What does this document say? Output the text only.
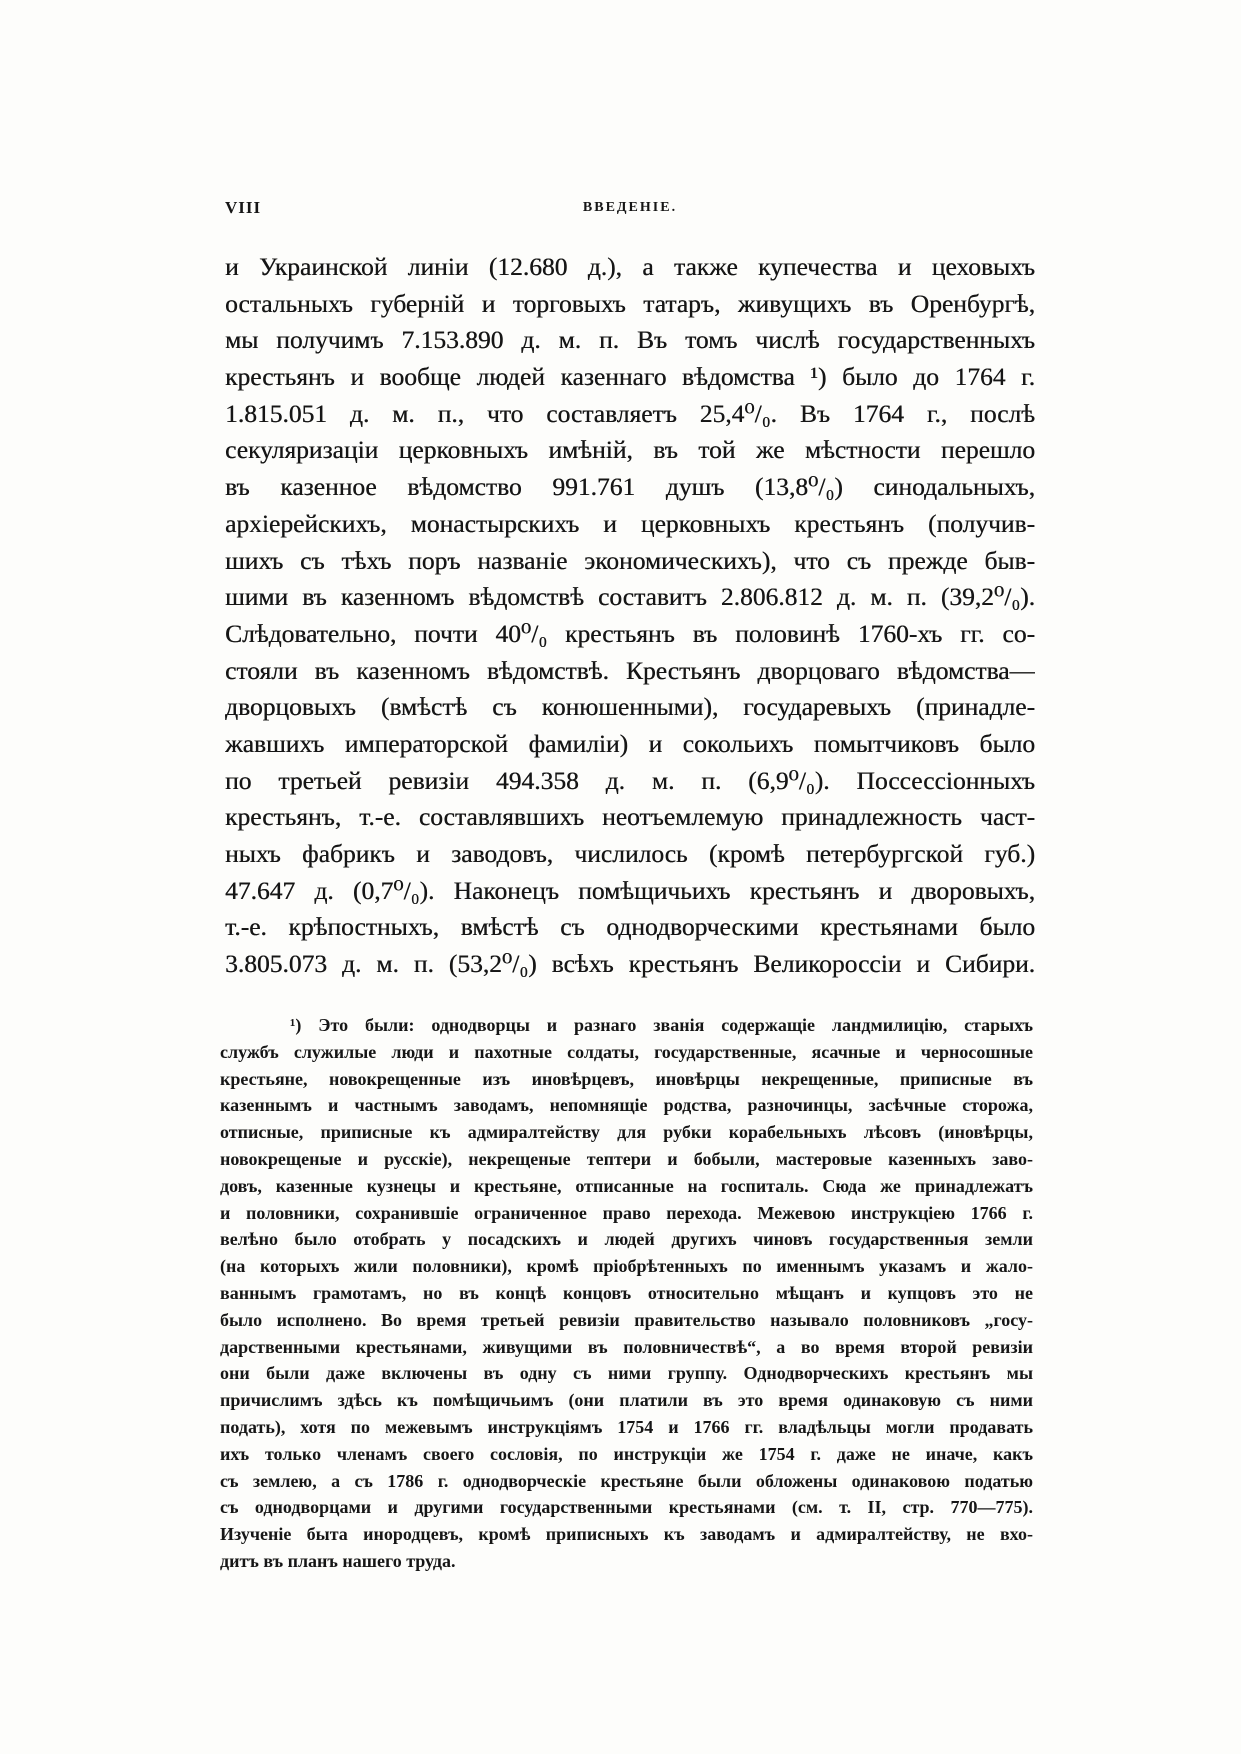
VIII	ВВЕДЕНІЕ.
и Украинской линіи (12.680 д.), а также купечества и цеховыхъ
остальныхъ губерній и торговыхъ татаръ, живущихъ въ Оренбургѣ,
мы получимъ 7.153.890 д. м. п. Въ томъ числѣ государственныхъ
крестьянъ и вообще людей казеннаго вѣдомства ¹) было до 1764 г.
1.815.051 д. м. п., что составляетъ 25,4⁰/₀. Въ 1764 г., послѣ
секуляризаціи церковныхъ имѣній, въ той же мѣстности перешло
въ казенное вѣдомство 991.761 душъ (13,8⁰/₀) синодальныхъ,
архіерейскихъ, монастырскихъ и церковныхъ крестьянъ (получив-
шихъ съ тѣхъ поръ названіе экономическихъ), что съ прежде быв-
шими въ казенномъ вѣдомствѣ составитъ 2.806.812 д. м. п. (39,2⁰/₀).
Слѣдовательно, почти 40⁰/₀ крестьянъ въ половинѣ 1760-хъ гг. со-
стояли въ казенномъ вѣдомствѣ. Крестьянъ дворцоваго вѣдомства—
дворцовыхъ (вмѣстѣ съ конюшенными), государевыхъ (принадле-
жавшихъ императорской фамиліи) и сокольихъ помытчиковъ было
по третьей ревизіи 494.358 д. м. п. (6,9⁰/₀). Поссессіонныхъ
крестьянъ, т.-е. составлявшихъ неотъемлемую принадлежность част-
ныхъ фабрикъ и заводовъ, числилось (кромѣ петербургской губ.)
47.647 д. (0,7⁰/₀). Наконецъ помѣщичьихъ крестьянъ и дворовыхъ,
т.-е. крѣпостныхъ, вмѣстѣ съ однодворческими крестьянами было
3.805.073 д. м. п. (53,2⁰/₀) всѣхъ крестьянъ Великороссіи и Сибири.
¹) Это были: однодворцы и разнаго званія содержащіе ландмилицію, старыхъ
службъ служилые люди и пахотные солдаты, государственные, ясачные и черносошные
крестьяне, новокрещенные изъ иновѣрцевъ, иновѣрцы некрещенные, приписные въ
казеннымъ и частнымъ заводамъ, непомнящіе родства, разночинцы, засѣчные сторожа,
отписные, приписные къ адмиралтейству для рубки корабельныхъ лѣсовъ (иновѣрцы,
новокрещеные и русскіе), некрещеные тептери и бобыли, мастеровые казенныхъ заво-
довъ, казенные кузнецы и крестьяне, отписанные на госпиталь. Сюда же принадлежатъ
и половники, сохранившіе ограниченное право перехода. Межевою инструкціею 1766 г.
велѣно было отобрать у посадскихъ и людей другихъ чиновъ государственныя земли
(на которыхъ жили половники), кромѣ пріобрѣтенныхъ по именнымъ указамъ и жало-
ваннымъ грамотамъ, но въ концѣ концовъ относительно мѣщанъ и купцовъ это не
было исполнено. Во время третьей ревизіи правительство называло половниковъ „госу-
дарственными крестьянами, живущими въ половничествѣ“, а во время второй ревизіи
они были даже включены въ одну съ ними группу. Однодворческихъ крестьянъ мы
причислимъ здѣсь къ помѣщичьимъ (они платили въ это время одинаковую съ ними
подать), хотя по межевымъ инструкціямъ 1754 и 1766 гг. владѣльцы могли продавать
ихъ только членамъ своего сословія, по инструкціи же 1754 г. даже не иначе, какъ
съ землею, а съ 1786 г. однодворческіе крестьяне были обложены одинаковою податью
съ однодворцами и другими государственными крестьянами (см. т. II, стр. 770—775).
Изученіе быта инородцевъ, кромѣ приписныхъ къ заводамъ и адмиралтейству, не вхо-
дитъ въ планъ нашего труда.
